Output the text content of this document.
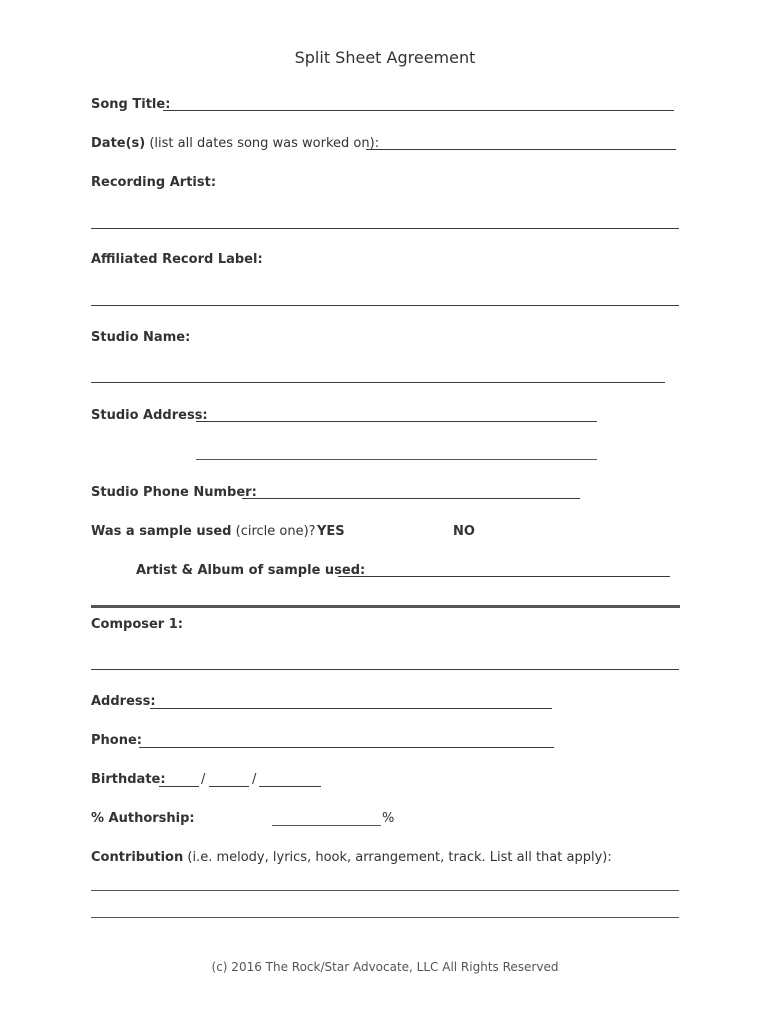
Split Sheet Agreement
Song Title:
Date(s) (list all dates song was worked on):
Recording Artist:
Affiliated Record Label:
Studio Name:
Studio Address:
Studio Phone Number:
Was a sample used (circle one)? YES	NO
Artist & Album of sample used:
Composer 1:
Address:
Phone:
Birthdate:	/	/
% Authorship:	%
Contribution (i.e. melody, lyrics, hook, arrangement, track. List all that apply):
(c) 2016 The Rock/Star Advocate, LLC All Rights Reserved
